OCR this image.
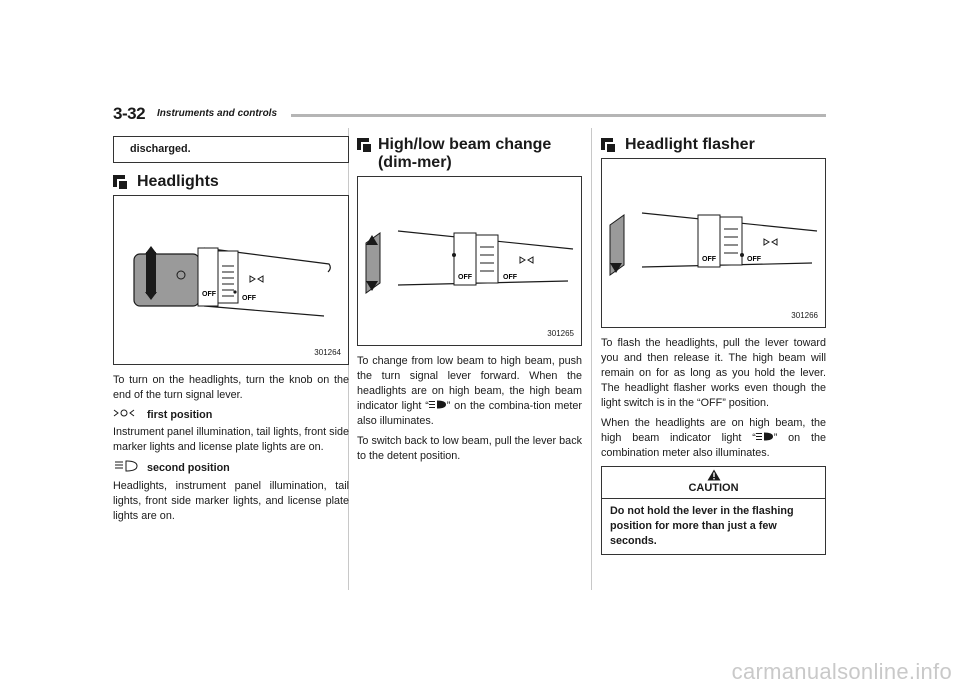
3-32 Instruments and controls
discharged.
Headlights
OFF
OFF
301264

To turn on the headlights, turn the knob on the end of the turn signal lever.

first position

Instrument panel illumination, tail lights, front side marker lights and license plate lights are on.

second position

Headlights, instrument panel illumination, tail lights, front side marker lights, and license plate lights are on.

High/low beam change (dim-mer)
OFF	OFF
301265

To change from low beam to high beam, push the turn signal lever forward. When the headlights are on high beam, the high beam indicator light “ ” on the combina-tion meter also illuminates.

To switch back to low beam, pull the lever back to the detent position.

Headlight flasher
OFF	OFF
301266

To flash the headlights, pull the lever toward you and then release it. The high beam will remain on for as long as you hold the lever. The headlight flasher works even though the light switch is in the “OFF” position.

When the headlights are on high beam, the high beam indicator light “ ” on the combination meter also illuminates.

CAUTION
Do not hold the lever in the flashing position for more than just a few seconds.
carmanualsonline.info
